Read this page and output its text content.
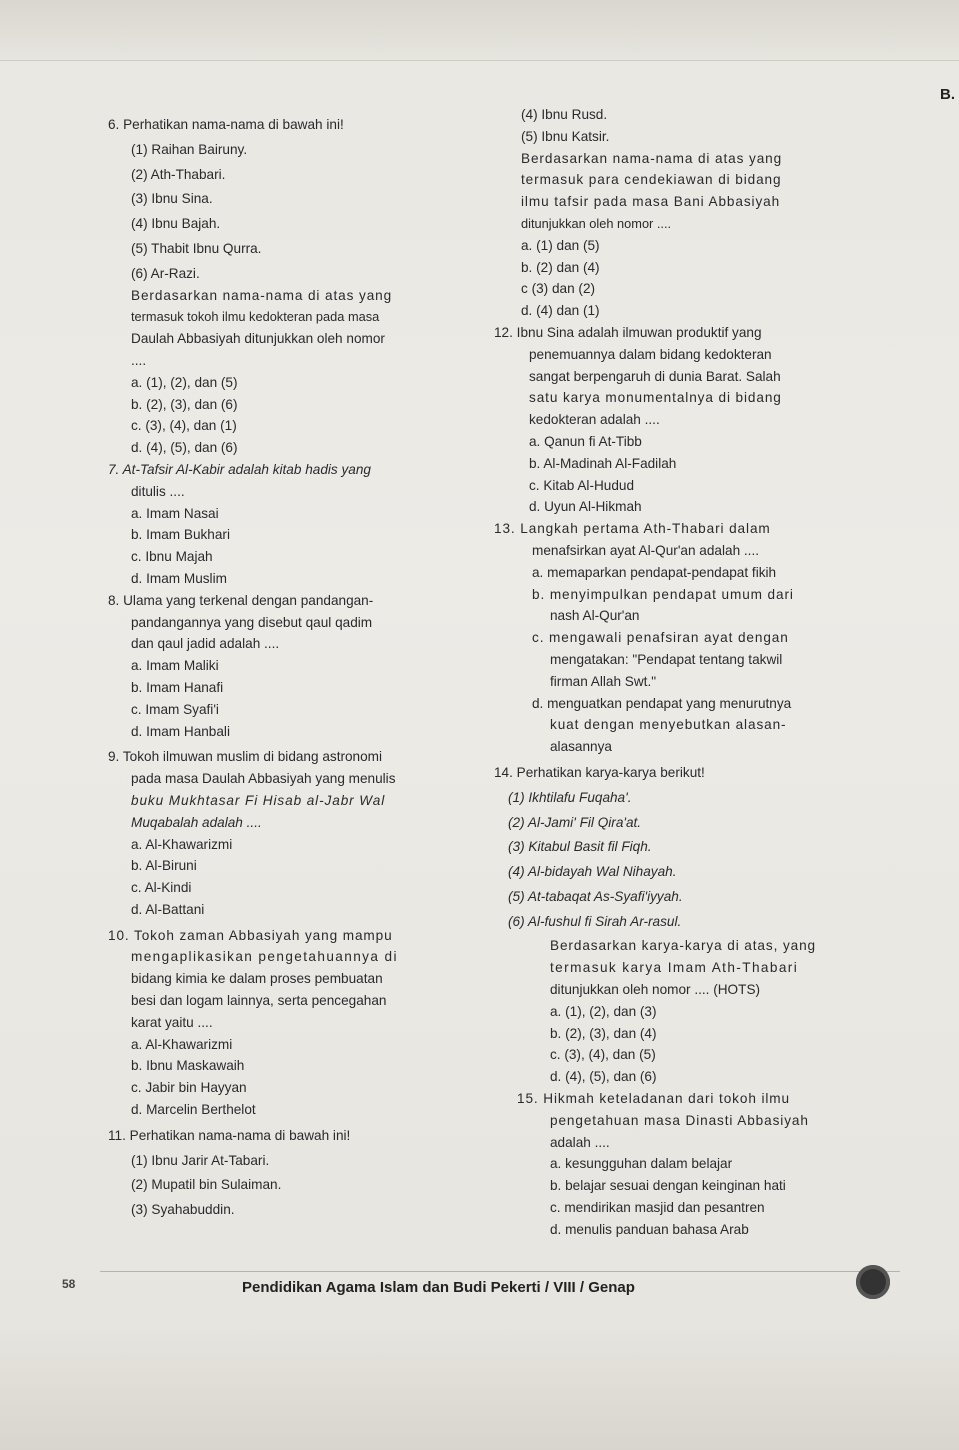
B.
6. Perhatikan nama-nama di bawah ini!
(1) Raihan Bairuny.
(2) Ath-Thabari.
(3) Ibnu Sina.
(4) Ibnu Bajah.
(5) Thabit Ibnu Qurra.
(6) Ar-Razi.
Berdasarkan nama-nama di atas yang
termasuk tokoh ilmu kedokteran pada masa
Daulah Abbasiyah ditunjukkan oleh nomor
....
a. (1), (2), dan (5)
b. (2), (3), dan (6)
c. (3), (4), dan (1)
d. (4), (5), dan (6)
7. At-Tafsir Al-Kabir adalah kitab hadis yang
ditulis ....
a. Imam Nasai
b. Imam Bukhari
c. Ibnu Majah
d. Imam Muslim
8. Ulama yang terkenal dengan pandangan-
pandangannya yang disebut qaul qadim
dan qaul jadid adalah ....
a. Imam Maliki
b. Imam Hanafi
c. Imam Syafi'i
d. Imam Hanbali
9. Tokoh ilmuwan muslim di bidang astronomi
pada masa Daulah Abbasiyah yang menulis
buku Mukhtasar Fi Hisab al-Jabr Wal
Muqabalah adalah ....
a. Al-Khawarizmi
b. Al-Biruni
c. Al-Kindi
d. Al-Battani
10. Tokoh zaman Abbasiyah yang mampu
mengaplikasikan pengetahuannya di
bidang kimia ke dalam proses pembuatan
besi dan logam lainnya, serta pencegahan
karat yaitu ....
a. Al-Khawarizmi
b. Ibnu Maskawaih
c. Jabir bin Hayyan
d. Marcelin Berthelot
11. Perhatikan nama-nama di bawah ini!
(1) Ibnu Jarir At-Tabari.
(2) Mupatil bin Sulaiman.
(3) Syahabuddin.
(4) Ibnu Rusd.
(5) Ibnu Katsir.
Berdasarkan nama-nama di atas yang
termasuk para cendekiawan di bidang
ilmu tafsir pada masa Bani Abbasiyah
ditunjukkan oleh nomor ....
a. (1) dan (5)
b. (2) dan (4)
c (3) dan (2)
d. (4) dan (1)
12. Ibnu Sina adalah ilmuwan produktif yang
penemuannya dalam bidang kedokteran
sangat berpengaruh di dunia Barat. Salah
satu karya monumentalnya di bidang
kedokteran adalah ....
a. Qanun fi At-Tibb
b. Al-Madinah Al-Fadilah
c. Kitab Al-Hudud
d. Uyun Al-Hikmah
13. Langkah pertama Ath-Thabari dalam
menafsirkan ayat Al-Qur'an adalah ....
a. memaparkan pendapat-pendapat fikih
b. menyimpulkan pendapat umum dari
nash Al-Qur'an
c. mengawali penafsiran ayat dengan
mengatakan: "Pendapat tentang takwil
firman Allah Swt."
d. menguatkan pendapat yang menurutnya
kuat dengan menyebutkan alasan-
alasannya
14. Perhatikan karya-karya berikut!
(1) Ikhtilafu Fuqaha'.
(2) Al-Jami' Fil Qira'at.
(3) Kitabul Basit fil Fiqh.
(4) Al-bidayah Wal Nihayah.
(5) At-tabaqat As-Syafi'iyyah.
(6) Al-fushul fi Sirah Ar-rasul.
Berdasarkan karya-karya di atas, yang
termasuk karya Imam Ath-Thabari
ditunjukkan oleh nomor .... (HOTS)
a. (1), (2), dan (3)
b. (2), (3), dan (4)
c. (3), (4), dan (5)
d. (4), (5), dan (6)
15. Hikmah keteladanan dari tokoh ilmu
pengetahuan masa Dinasti Abbasiyah
adalah ....
a. kesungguhan dalam belajar
b. belajar sesuai dengan keinginan hati
c. mendirikan masjid dan pesantren
d. menulis panduan bahasa Arab
58	Pendidikan Agama Islam dan Budi Pekerti / VIII / Genap
